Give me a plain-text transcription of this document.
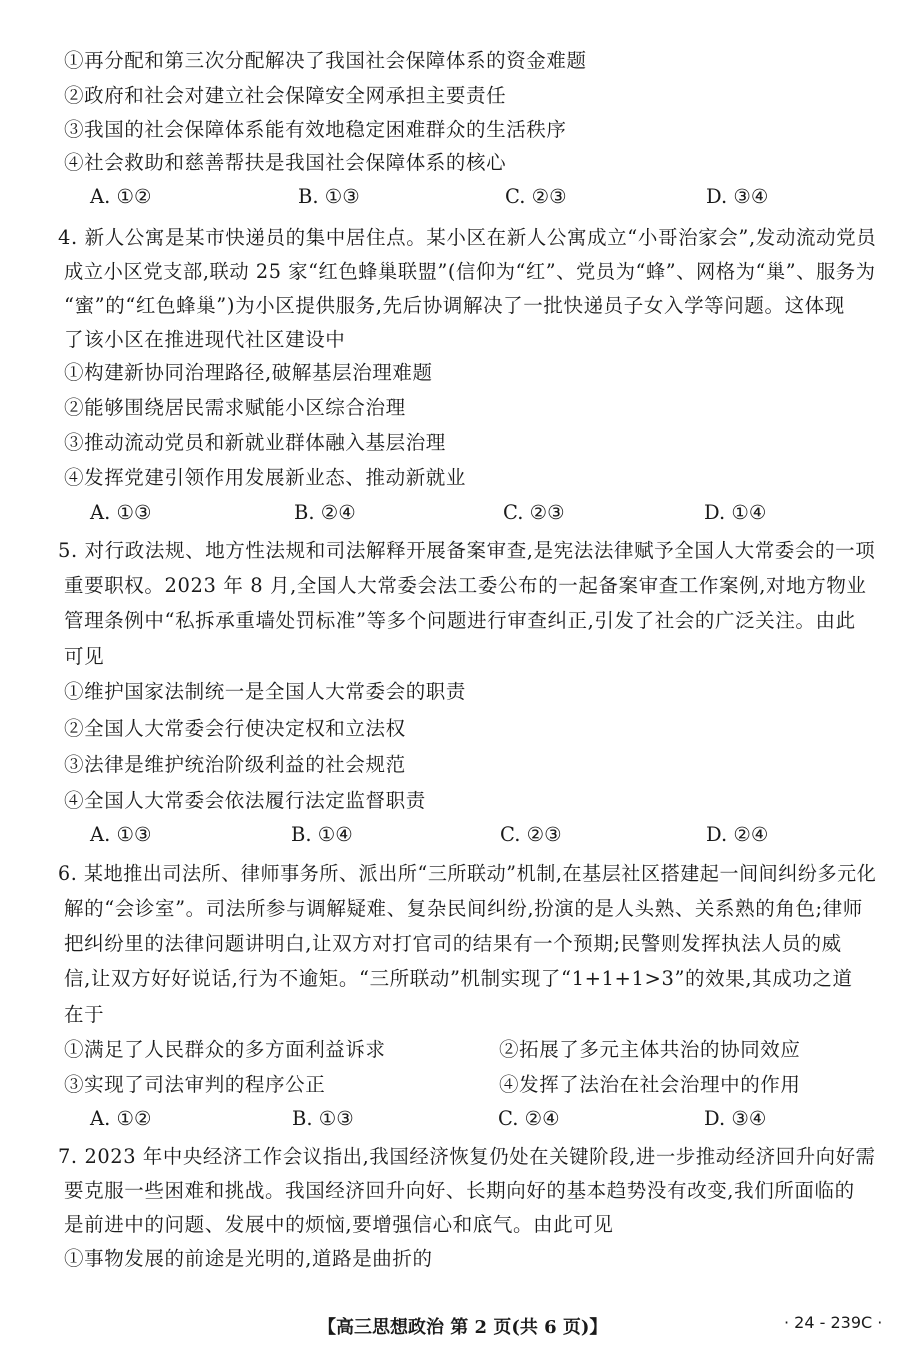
①再分配和第三次分配解决了我国社会保障体系的资金难题
②政府和社会对建立社会保障安全网承担主要责任
③我国的社会保障体系能有效地稳定困难群众的生活秩序
④社会救助和慈善帮扶是我国社会保障体系的核心
A. ①②	B. ①③	C. ②③	D. ③④
4. 新人公寓是某市快递员的集中居住点。某小区在新人公寓成立“小哥治家会”,发动流动党员
成立小区党支部,联动 25 家“红色蜂巢联盟”(信仰为“红”、党员为“蜂”、网格为“巢”、服务为
“蜜”的“红色蜂巢”)为小区提供服务,先后协调解决了一批快递员子女入学等问题。这体现
了该小区在推进现代社区建设中
①构建新协同治理路径,破解基层治理难题
②能够围绕居民需求赋能小区综合治理
③推动流动党员和新就业群体融入基层治理
④发挥党建引领作用发展新业态、推动新就业
A. ①③	B. ②④	C. ②③	D. ①④
5. 对行政法规、地方性法规和司法解释开展备案审查,是宪法法律赋予全国人大常委会的一项
重要职权。2023 年 8 月,全国人大常委会法工委公布的一起备案审查工作案例,对地方物业
管理条例中“私拆承重墙处罚标准”等多个问题进行审查纠正,引发了社会的广泛关注。由此
可见
①维护国家法制统一是全国人大常委会的职责
②全国人大常委会行使决定权和立法权
③法律是维护统治阶级利益的社会规范
④全国人大常委会依法履行法定监督职责
A. ①③	B. ①④	C. ②③	D. ②④
6. 某地推出司法所、律师事务所、派出所“三所联动”机制,在基层社区搭建起一间间纠纷多元化
解的“会诊室”。司法所参与调解疑难、复杂民间纠纷,扮演的是人头熟、关系熟的角色;律师
把纠纷里的法律问题讲明白,让双方对打官司的结果有一个预期;民警则发挥执法人员的威
信,让双方好好说话,行为不逾矩。“三所联动”机制实现了“1+1+1>3”的效果,其成功之道
在于
①满足了人民群众的多方面利益诉求	②拓展了多元主体共治的协同效应
③实现了司法审判的程序公正	④发挥了法治在社会治理中的作用
A. ①②	B. ①③	C. ②④	D. ③④
7. 2023 年中央经济工作会议指出,我国经济恢复仍处在关键阶段,进一步推动经济回升向好需
要克服一些困难和挑战。我国经济回升向好、长期向好的基本趋势没有改变,我们所面临的
是前进中的问题、发展中的烦恼,要增强信心和底气。由此可见
①事物发展的前途是光明的,道路是曲折的
【高三思想政治 第 2 页(共 6 页)】	· 24 - 239C ·
